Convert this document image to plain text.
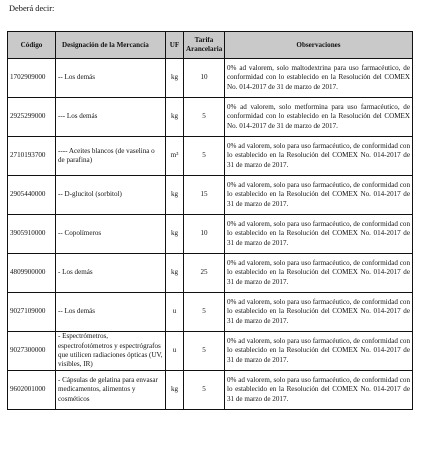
Deberá decir:
Código	Designación de la Mercancía	UF	Tarifa Arancelaria	Observaciones
1702909000	-- Los demás	kg	10	0% ad valorem, solo maltodextrina para uso farmacéutico, de conformidad con lo establecido en la Resolución del COMEX No. 014-2017 de 31 de marzo de 2017.
2925299000	--- Los demás	kg	5	0% ad valorem, solo metformina para uso farmacéutico, de conformidad con lo establecido en la Resolución del COMEX No. 014-2017 de 31 de marzo de 2017.
2710193700	---- Aceites blancos (de vaselina o de parafina)	m³	5	0% ad valorem, solo para uso farmacéutico, de conformidad con lo establecido en la Resolución del COMEX No. 014-2017 de 31 de marzo de 2017.
2905440000	-- D-glucitol (sorbitol)	kg	15	0% ad valorem, solo para uso farmacéutico, de conformidad con lo establecido en la Resolución del COMEX No. 014-2017 de 31 de marzo de 2017.
3905910000	-- Copolímeros	kg	10	0% ad valorem, solo para uso farmacéutico, de conformidad con lo establecido en la Resolución del COMEX No. 014-2017 de 31 de marzo de 2017.
4809900000	- Los demás	kg	25	0% ad valorem, solo para uso farmacéutico, de conformidad con lo establecido en la Resolución del COMEX No. 014-2017 de 31 de marzo de 2017.
9027109000	-- Los demás	u	5	0% ad valorem, solo para uso farmacéutico, de conformidad con lo establecido en la Resolución del COMEX No. 014-2017 de 31 de marzo de 2017.
9027300000	- Espectrómetros, espectrofotómetros y espectrógrafos que utilicen radiaciones ópticas (UV, visibles, IR)	u	5	0% ad valorem, solo para uso farmacéutico, de conformidad con lo establecido en la Resolución del COMEX No. 014-2017 de 31 de marzo de 2017.
9602001000	- Cápsulas de gelatina para envasar medicamentos, alimentos y cosméticos	kg	5	0% ad valorem, solo para uso farmacéutico, de conformidad con lo establecido en la Resolución del COMEX No. 014-2017 de 31 de marzo de 2017.
